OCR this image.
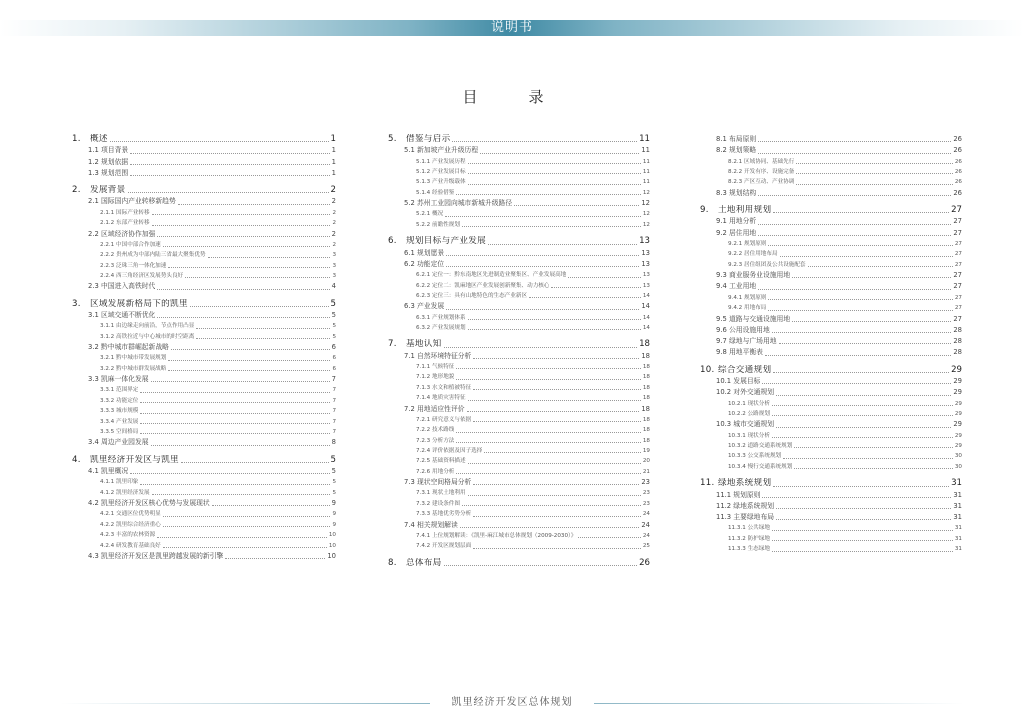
说明书
目　录
1. 概述	1
1.1 项目背景	1
1.2 规划依据	1
1.3 规划范围	1
2. 发展背景	2
2.1 国际国内产业转移新趋势	2
2.1.1 国际产业转移	2
2.1.2 东部产业转移	2
2.2 区域经济协作加强	2
2.2.1 中国中部合作加速	2
2.2.2 贵州成为中部内陆三省最大聚集优势	3
2.2.3 泛珠三角一体化加速	3
2.2.4 西三角经济区发展势头良好	3
2.3 中国进入高铁时代	4
3. 区域发展新格局下的凯里	5
3.1 区域交通不断优化	5
3.1.1 由边缘走向前沿，节点作用凸显	5
3.1.2 高铁拉近与中心城市的时空距离	5
3.2 黔中城市群崛起新战略	6
3.2.1 黔中城市带发展规划	6
3.2.2 黔中城市群发展战略	6
3.3 凯麻一体化发展	7
3.3.1 范围界定	7
3.3.2 功能定位	7
3.3.3 城市规模	7
3.3.4 产业发展	7
3.3.5 空间格局	7
3.4 周边产业园发展	8
4. 凯里经济开发区与凯里	5
4.1 凯里概况	5
4.1.1 凯里印象	5
4.1.2 凯里经济发展	5
4.2 凯里经济开发区核心优势与发展现状	9
4.2.1 交通区位优势明显	9
4.2.2 凯里综合经济重心	9
4.2.3 丰富的农林资源	10
4.2.4 研发教育基础良好	10
4.3 凯里经济开发区是凯里跨越发展的新引擎	10
5. 借鉴与启示	11
5.1 新加坡产业升级历程	11
5.1.1 产业发展历程	11
5.1.2 产业发展目标	11
5.1.3 产业升级载体	11
5.1.4 经验借鉴	12
5.2 苏州工业园向城市新城升级路径	12
5.2.1 概况	12
5.2.2 前瞻性规划	12
6. 规划目标与产业发展	13
6.1 规划愿景	13
6.2 功能定位	13
6.2.1 定位一：黔东南地区先进制造业聚集区、产业发展高地	13
6.2.2 定位二：凯麻地区产业发展创新聚集、动力核心	13
6.2.3 定位三：具有山地特色的生态产业新区	14
6.3 产业发展	14
6.3.1 产业规划体系	14
6.3.2 产业发展规划	14
7. 基地认知	18
7.1 自然环境特征分析	18
7.1.1 气候特征	18
7.1.2 地形地貌	18
7.1.3 水文和植被特征	18
7.1.4 地质灾害特征	18
7.2 用地适应性评价	18
7.2.1 研究意义与依据	18
7.2.2 技术路线	18
7.2.3 分析方法	18
7.2.4 评价依据及因子选择	19
7.2.5 基础资料描述	20
7.2.6 用地分析	21
7.3 现状空间格局分析	23
7.3.1 现状土地利用	23
7.3.2 建设条件图	23
7.3.3 基地优劣势分析	24
7.4 相关规划解读	24
7.4.1 上位规划解读：《凯里-麻江城市总体规划（2009-2030）》	24
7.4.2 开发区规划层面	25
8. 总体布局	26
8.1 布局原则	26
8.2 规划策略	26
8.2.1 区域协同、基础先行	26
8.2.2 开发有序、设施完备	26
8.2.3 产区互动、产业协调	26
8.3 规划结构	26
9. 土地利用规划	27
9.1 用地分析	27
9.2 居住用地	27
9.2.1 规划原则	27
9.2.2 居住用地布局	27
9.2.3 居住组团及公共设施配套	27
9.3 商业服务业设施用地	27
9.4 工业用地	27
9.4.1 规划原则	27
9.4.2 用地布局	27
9.5 道路与交通设施用地	27
9.6 公用设施用地	28
9.7 绿地与广场用地	28
9.8 用地平衡表	28
10. 综合交通规划	29
10.1 发展目标	29
10.2 对外交通规划	29
10.2.1 现状分析	29
10.2.2 公路规划	29
10.3 城市交通规划	29
10.3.1 现状分析	29
10.3.2 道路交通系统规划	29
10.3.3 公交系统规划	30
10.3.4 慢行交通系统规划	30
11. 绿地系统规划	31
11.1 规划原则	31
11.2 绿地系统规划	31
11.3 主要绿地布局	31
11.3.1 公共绿地	31
11.3.2 防护绿地	31
11.3.3 生态绿地	31
凯里经济开发区总体规划
